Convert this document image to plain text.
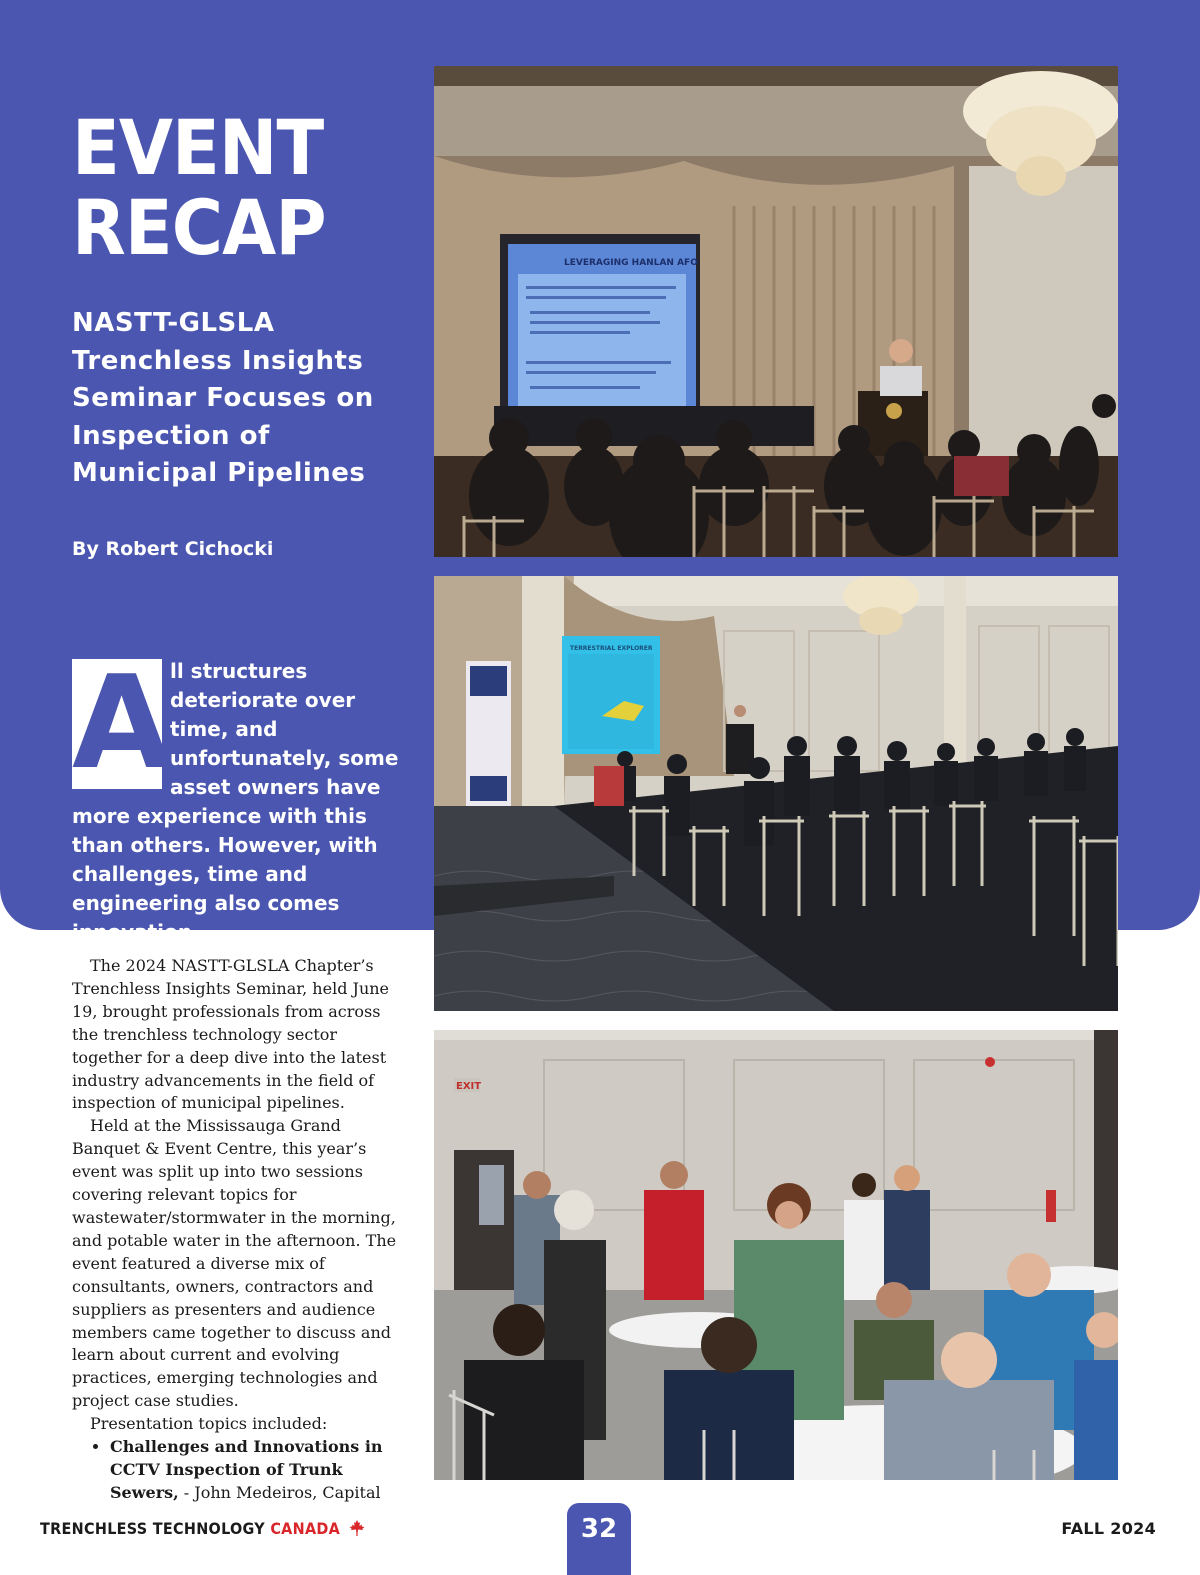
EVENT
RECAP
NASTT-GLSLA Trenchless Insights Seminar Focuses on Inspection of Municipal Pipelines
By Robert Cichocki
A
ll structures deteriorate over time, and unfortunately, some asset owners have more experience with this than others. However, with challenges, time and engineering also comes innovation.
LEVERAGING HANLAN AFO
TERRESTRIAL EXPLORER
EXIT

The 2024 NASTT-GLSLA Chapter’s Trenchless Insights Seminar, held June 19, brought professionals from across the trenchless technology sector together for a deep dive into the latest industry advancements in the field of inspection of municipal pipelines.

Held at the Mississauga Grand Banquet & Event Centre, this year’s event was split up into two sessions covering relevant topics for wastewater/stormwater in the morning, and potable water in the afternoon. The event featured a diverse mix of consultants, owners, contractors and suppliers as presenters and audience members came together to discuss and learn about current and evolving practices, emerging technologies and project case studies.

Presentation topics included:

• Challenges and Innovations in CCTV Inspection of Trunk Sewers, - John Medeiros, Capital
TRENCHLESS TECHNOLOGY CANADA	32	FALL 2024
